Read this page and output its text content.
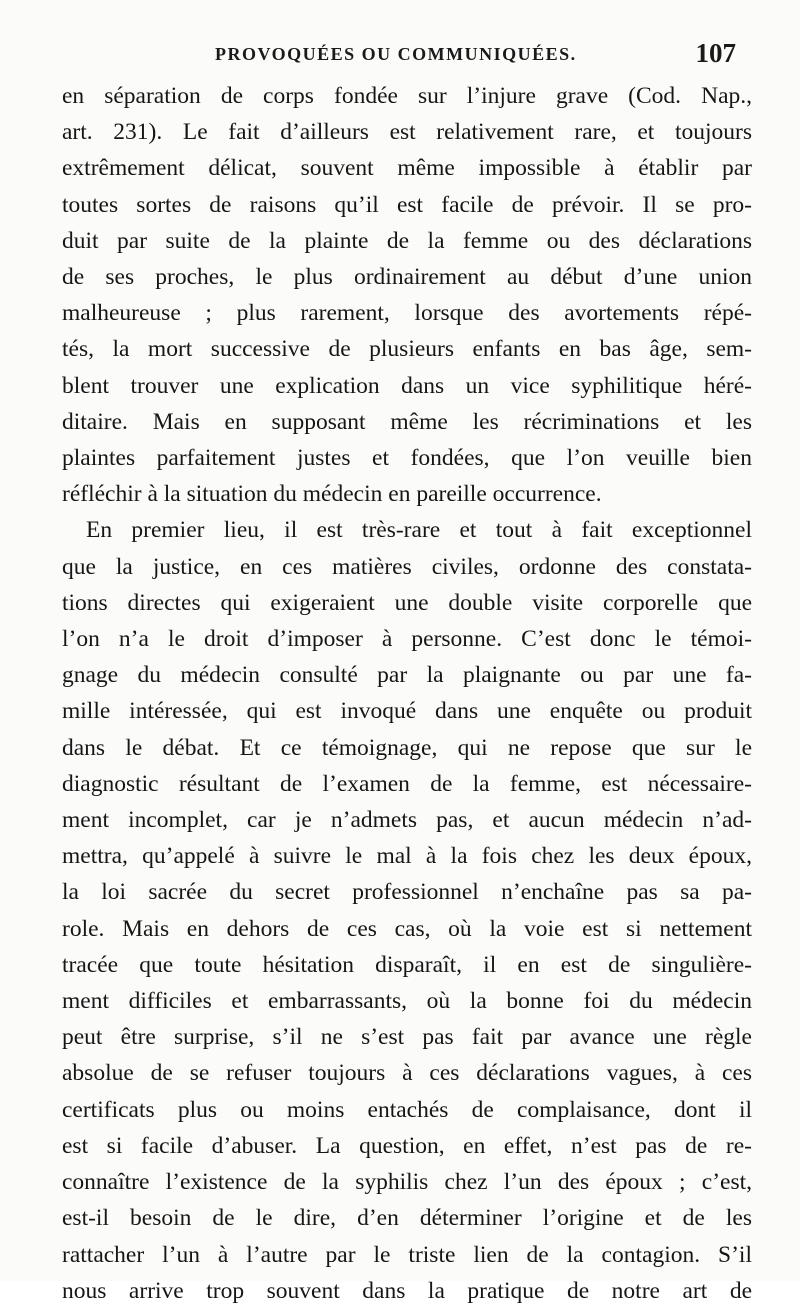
PROVOQUÉES OU COMMUNIQUÉES.	107
en séparation de corps fondée sur l’injure grave (Cod. Nap.,
art. 231). Le fait d’ailleurs est relativement rare, et toujours
extrêmement délicat, souvent même impossible à établir par
toutes sortes de raisons qu’il est facile de prévoir. Il se pro-
duit par suite de la plainte de la femme ou des déclarations
de ses proches, le plus ordinairement au début d’une union
malheureuse ; plus rarement, lorsque des avortements répé-
tés, la mort successive de plusieurs enfants en bas âge, sem-
blent trouver une explication dans un vice syphilitique héré-
ditaire. Mais en supposant même les récriminations et les
plaintes parfaitement justes et fondées, que l’on veuille bien
réfléchir à la situation du médecin en pareille occurrence.
En premier lieu, il est très-rare et tout à fait exceptionnel
que la justice, en ces matières civiles, ordonne des constata-
tions directes qui exigeraient une double visite corporelle que
l’on n’a le droit d’imposer à personne. C’est donc le témoi-
gnage du médecin consulté par la plaignante ou par une fa-
mille intéressée, qui est invoqué dans une enquête ou produit
dans le débat. Et ce témoignage, qui ne repose que sur le
diagnostic résultant de l’examen de la femme, est nécessaire-
ment incomplet, car je n’admets pas, et aucun médecin n’ad-
mettra, qu’appelé à suivre le mal à la fois chez les deux époux,
la loi sacrée du secret professionnel n’enchaîne pas sa pa-
role. Mais en dehors de ces cas, où la voie est si nettement
tracée que toute hésitation disparaît, il en est de singulière-
ment difficiles et embarrassants, où la bonne foi du médecin
peut être surprise, s’il ne s’est pas fait par avance une règle
absolue de se refuser toujours à ces déclarations vagues, à ces
certificats plus ou moins entachés de complaisance, dont il
est si facile d’abuser. La question, en effet, n’est pas de re-
connaître l’existence de la syphilis chez l’un des époux ; c’est,
est-il besoin de le dire, d’en déterminer l’origine et de les
rattacher l’un à l’autre par le triste lien de la contagion. S’il
nous arrive trop souvent dans la pratique de notre art de
